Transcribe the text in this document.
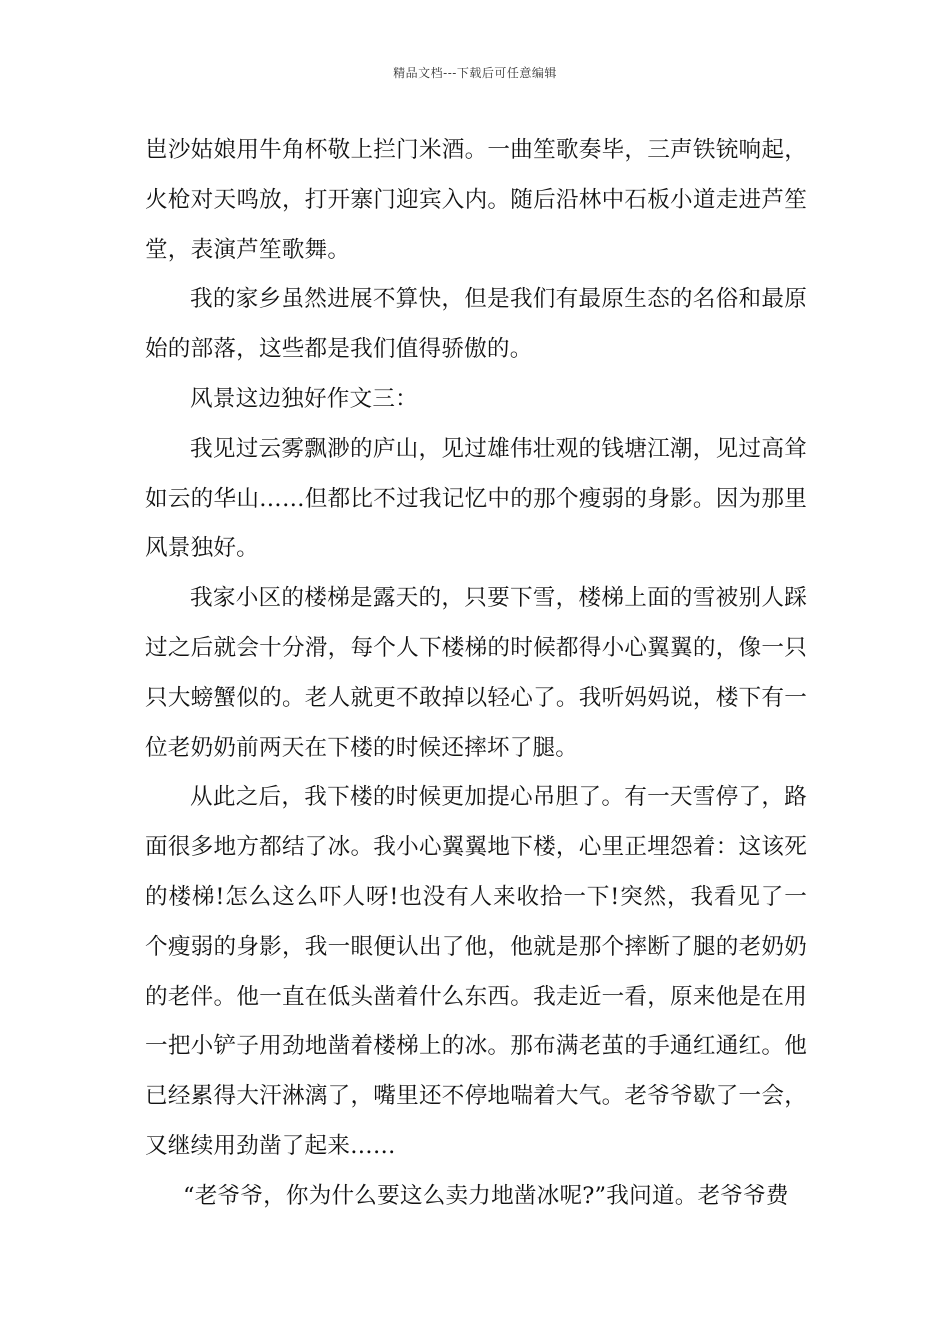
精品文档---下载后可任意编辑

岜沙姑娘用牛角杯敬上拦门米酒。一曲笙歌奏毕，三声铁铳响起，火枪对天鸣放，打开寨门迎宾入内。随后沿林中石板小道走进芦笙堂，表演芦笙歌舞。

我的家乡虽然进展不算快，但是我们有最原生态的名俗和最原始的部落，这些都是我们值得骄傲的。

风景这边独好作文三：

我见过云雾飘渺的庐山，见过雄伟壮观的钱塘江潮，见过高耸如云的华山……但都比不过我记忆中的那个瘦弱的身影。因为那里风景独好。

我家小区的楼梯是露天的，只要下雪，楼梯上面的雪被别人踩过之后就会十分滑，每个人下楼梯的时候都得小心翼翼的，像一只只大螃蟹似的。老人就更不敢掉以轻心了。我听妈妈说，楼下有一位老奶奶前两天在下楼的时候还摔坏了腿。

从此之后，我下楼的时候更加提心吊胆了。有一天雪停了，路面很多地方都结了冰。我小心翼翼地下楼，心里正埋怨着：这该死的楼梯!怎么这么吓人呀!也没有人来收拾一下!突然，我看见了一个瘦弱的身影，我一眼便认出了他，他就是那个摔断了腿的老奶奶的老伴。他一直在低头凿着什么东西。我走近一看，原来他是在用一把小铲子用劲地凿着楼梯上的冰。那布满老茧的手通红通红。他已经累得大汗淋漓了，嘴里还不停地喘着大气。老爷爷歇了一会，又继续用劲凿了起来……

“老爷爷，你为什么要这么卖力地凿冰呢?”我问道。老爷爷费
